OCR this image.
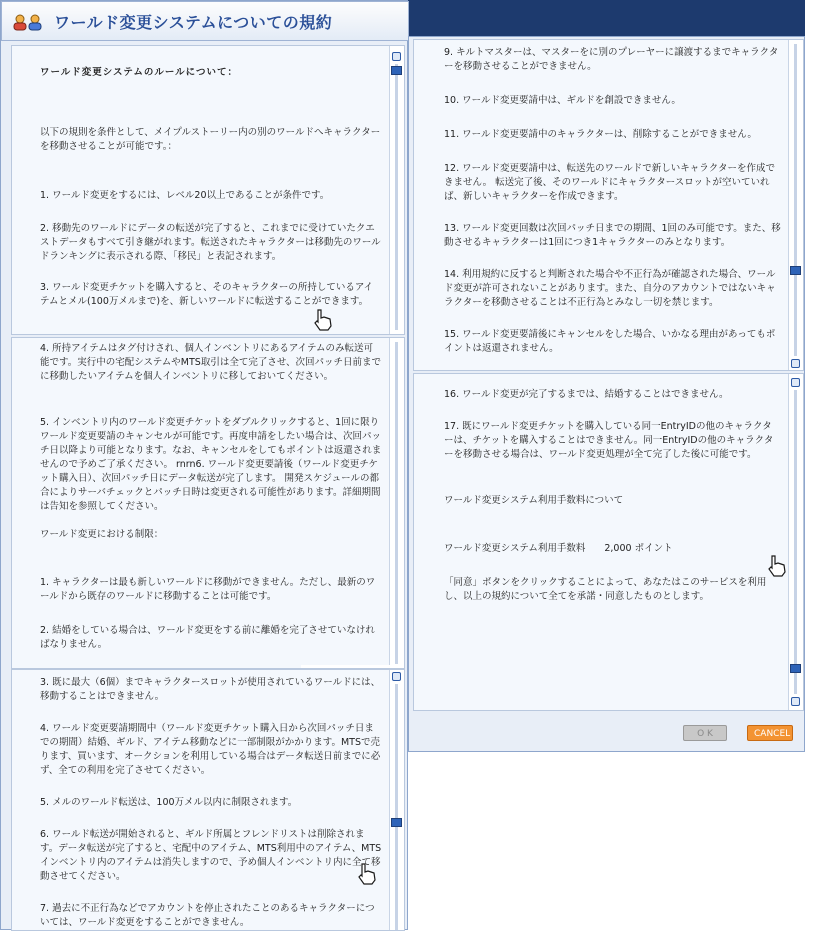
ワールド変更システムについての規約

ワールド変更システムのルールについて：

以下の規則を条件として、メイプルストーリー内の別のワールドへキャラクターを移動させることが可能です。：

1. ワールド変更をするには、レベル20以上であることが条件です。

2. 移動先のワールドにデータの転送が完了すると、これまでに受けていたクエストデータもすべて引き継がれます。転送されたキャラクターは移動先のワールドランキングに表示される際、「移民」と表記されます。

3. ワールド変更チケットを購入すると、そのキャラクターの所持しているアイテムとメル(100万メルまで)を、新しいワールドに転送することができます。

4. 所持アイテムはタグ付けされ、個人インベントリにあるアイテムのみ転送可能です。実行中の宅配システムやMTS取引は全て完了させ、次回パッチ日前までに移動したいアイテムを個人インベントリに移しておいてください。

5. インベントリ内のワールド変更チケットをダブルクリックすると、1回に限りワールド変更要請のキャンセルが可能です。再度申請をしたい場合は、次回パッチ日以降より可能となります。なお、キャンセルをしてもポイントは返還されませんので予めご了承ください。 rnrn6. ワールド変更要請後（ワールド変更チケット購入日）、次回パッチ日にデータ転送が完了します。 開発スケジュールの都合によりサーバチェックとパッチ日時は変更される可能性があります。詳細期間は告知を参照してください。

ワールド変更における制限：

1. キャラクターは最も新しいワールドに移動ができません。ただし、最新のワールドから既存のワールドに移動することは可能です。

2. 結婚をしている場合は、ワールド変更をする前に離婚を完了させていなければなりません。

3. 既に最大（6個）までキャラクタースロットが使用されているワールドには、移動することはできません。

4. ワールド変更要請期間中（ワールド変更チケット購入日から次回パッチ日までの期間）結婚、ギルド、アイテム移動などに一部制限がかかります。MTSで売ります、買います、オークションを利用している場合はデータ転送日前までに必ず、全ての利用を完了させてください。

5. メルのワールド転送は、100万メル以内に制限されます。

6. ワールド転送が開始されると、ギルド所属とフレンドリストは削除されます。データ転送が完了すると、宅配中のアイテム、MTS利用中のアイテム、MTSインベントリ内のアイテムは消失しますので、予め個人インベントリ内に全て移動させてください。

7. 過去に不正行為などでアカウントを停止されたことのあるキャラクターについては、ワールド変更をすることができません。

9. キルトマスターは、マスターをに別のプレーヤーに譲渡するまでキャラクターを移動させることができません。

10. ワールド変更要請中は、ギルドを創設できません。

11. ワールド変更要請中のキャラクターは、削除することができません。

12. ワールド変更要請中は、転送先のワールドで新しいキャラクターを作成できません。 転送完了後、そのワールドにキャラクタースロットが空いていれば、新しいキャラクターを作成できます。

13. ワールド変更回数は次回パッチ日までの期間、1回のみ可能です。また、移動させるキャラクターは1回につき1キャラクターのみとなります。

14. 利用規約に反すると判断された場合や不正行為が確認された場合、ワールド変更が許可されないことがあります。また、自分のアカウントではないキャラクターを移動させることは不正行為とみなし一切を禁じます。

15. ワールド変更要請後にキャンセルをした場合、いかなる理由があってもポイントは返還されません。

16. ワールド変更が完了するまでは、結婚することはできません。

17. 既にワールド変更チケットを購入している同一EntryIDの他のキャラクターは、チケットを購入することはできません。同一EntryIDの他のキャラクターを移動させる場合は、ワールド変更処理が全て完了した後に可能です。

ワールド変更システム利用手数料について

ワールド変更システム利用手数料　　2,000 ポイント

「同意」ボタンをクリックすることによって、あなたはこのサービスを利用し、以上の規約について全てを承諾・同意したものとします。

O K	CANCEL
